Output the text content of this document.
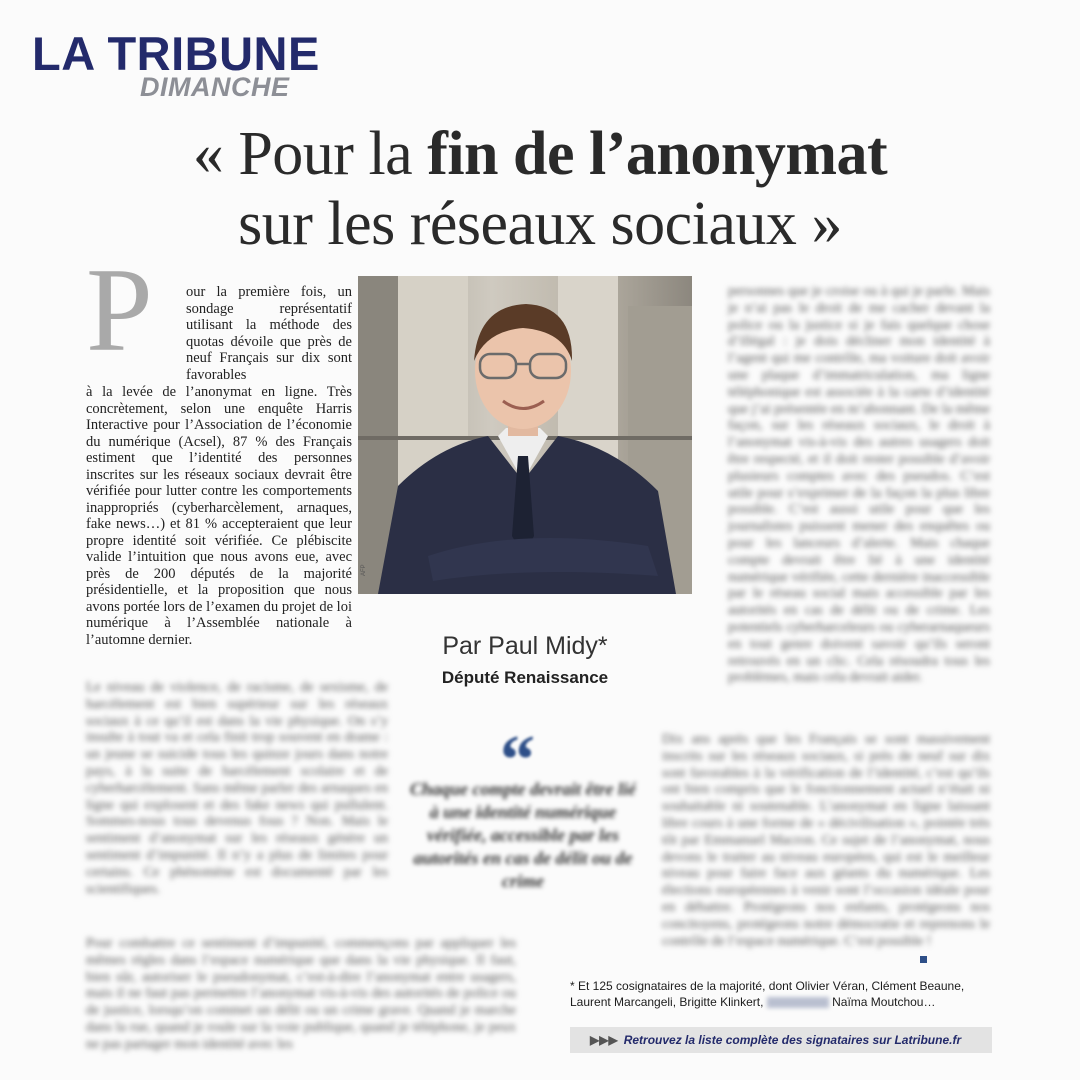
LA TRIBUNE
DIMANCHE
« Pour la fin de l’anonymat
sur les réseaux sociaux »
P our la première fois, un sondage représentatif utilisant la méthode des quotas dévoile que près de neuf Français sur dix sont favorables

à la levée de l’anonymat en ligne. Très concrètement, selon une enquête Harris Interactive pour l’Association de l’économie du numérique (Acsel), 87 % des Français estiment que l’identité des personnes inscrites sur les réseaux sociaux devrait être vérifiée pour lutter contre les comportements inappropriés (cyberharcèlement, arnaques, fake news…) et 81 % accepteraient que leur propre identité soit vérifiée. Ce plébiscite valide l’intuition que nous avons eue, avec près de 200 députés de la majorité présidentielle, et la proposition que nous avons portée lors de l’examen du projet de loi numérique à l’Assemblée nationale à l’automne dernier.

AFP
Par Paul Midy*
Député Renaissance
“
Chaque compte devrait être lié à une identité numérique vérifiée, accessible par les autorités en cas de délit ou de crime

Le niveau de violence, de racisme, de sexisme, de harcèlement est bien supérieur sur les réseaux sociaux à ce qu’il est dans la vie physique. On s’y insulte à tout va et cela finit trop souvent en drame : un jeune se suicide tous les quinze jours dans notre pays, à la suite de harcèlement scolaire et de cyberharcèlement. Sans même parler des arnaques en ligne qui explosent et des fake news qui pullulent. Sommes-nous tous devenus fous ? Non. Mais le sentiment d’anonymat sur les réseaux génère un sentiment d’impunité. Il n’y a plus de limites pour certains. Ce phénomène est documenté par les scientifiques.

Pour combattre ce sentiment d’impunité, commençons par appliquer les mêmes règles dans l’espace numérique que dans la vie physique. Il faut, bien sûr, autoriser le pseudonymat, c’est-à-dire l’anonymat entre usagers, mais il ne faut pas permettre l’anonymat vis-à-vis des autorités de police ou de justice, lorsqu’on commet un délit ou un crime grave. Quand je marche dans la rue, quand je roule sur la voie publique, quand je téléphone, je peux ne pas partager mon identité avec les

personnes que je croise ou à qui je parle. Mais je n’ai pas le droit de me cacher devant la police ou la justice si je fais quelque chose d’illégal : je dois décliner mon identité à l’agent qui me contrôle, ma voiture doit avoir une plaque d’immatriculation, ma ligne téléphonique est associée à la carte d’identité que j’ai présentée en m’abonnant. De la même façon, sur les réseaux sociaux, le droit à l’anonymat vis-à-vis des autres usagers doit être respecté, et il doit rester possible d’avoir plusieurs comptes avec des pseudos. C’est utile pour s’exprimer de la façon la plus libre possible. C’est aussi utile pour que les journalistes puissent mener des enquêtes ou pour les lanceurs d’alerte. Mais chaque compte devrait être lié à une identité numérique vérifiée, cette dernière inaccessible par le réseau social mais accessible par les autorités en cas de délit ou de crime. Les potentiels cyberharceleurs ou cyberarnaqueurs en tout genre doivent savoir qu’ils seront retrouvés en un clic. Cela résoudra tous les problèmes, mais cela devrait aider.

Dix ans après que les Français se sont massivement inscrits sur les réseaux sociaux, si près de neuf sur dix sont favorables à la vérification de l’identité, c’est qu’ils ont bien compris que le fonctionnement actuel n’était ni souhaitable ni soutenable. L’anonymat en ligne laissant libre cours à une forme de « décivilisation », pointée très tôt par Emmanuel Macron. Ce sujet de l’anonymat, nous devons le traiter au niveau européen, qui est le meilleur niveau pour faire face aux géants du numérique. Les élections européennes à venir sont l’occasion idéale pour en débattre. Protégeons nos enfants, protégeons nos concitoyens, protégeons notre démocratie et reprenons le contrôle de l’espace numérique. C’est possible !

* Et 125 cosignataires de la majorité, dont Olivier Véran, Clément Beaune, Laurent Marcangeli, Brigitte Klinkert,	Naïma Moutchou…

▶▶▶ Retrouvez la liste complète des signataires sur Latribune.fr
